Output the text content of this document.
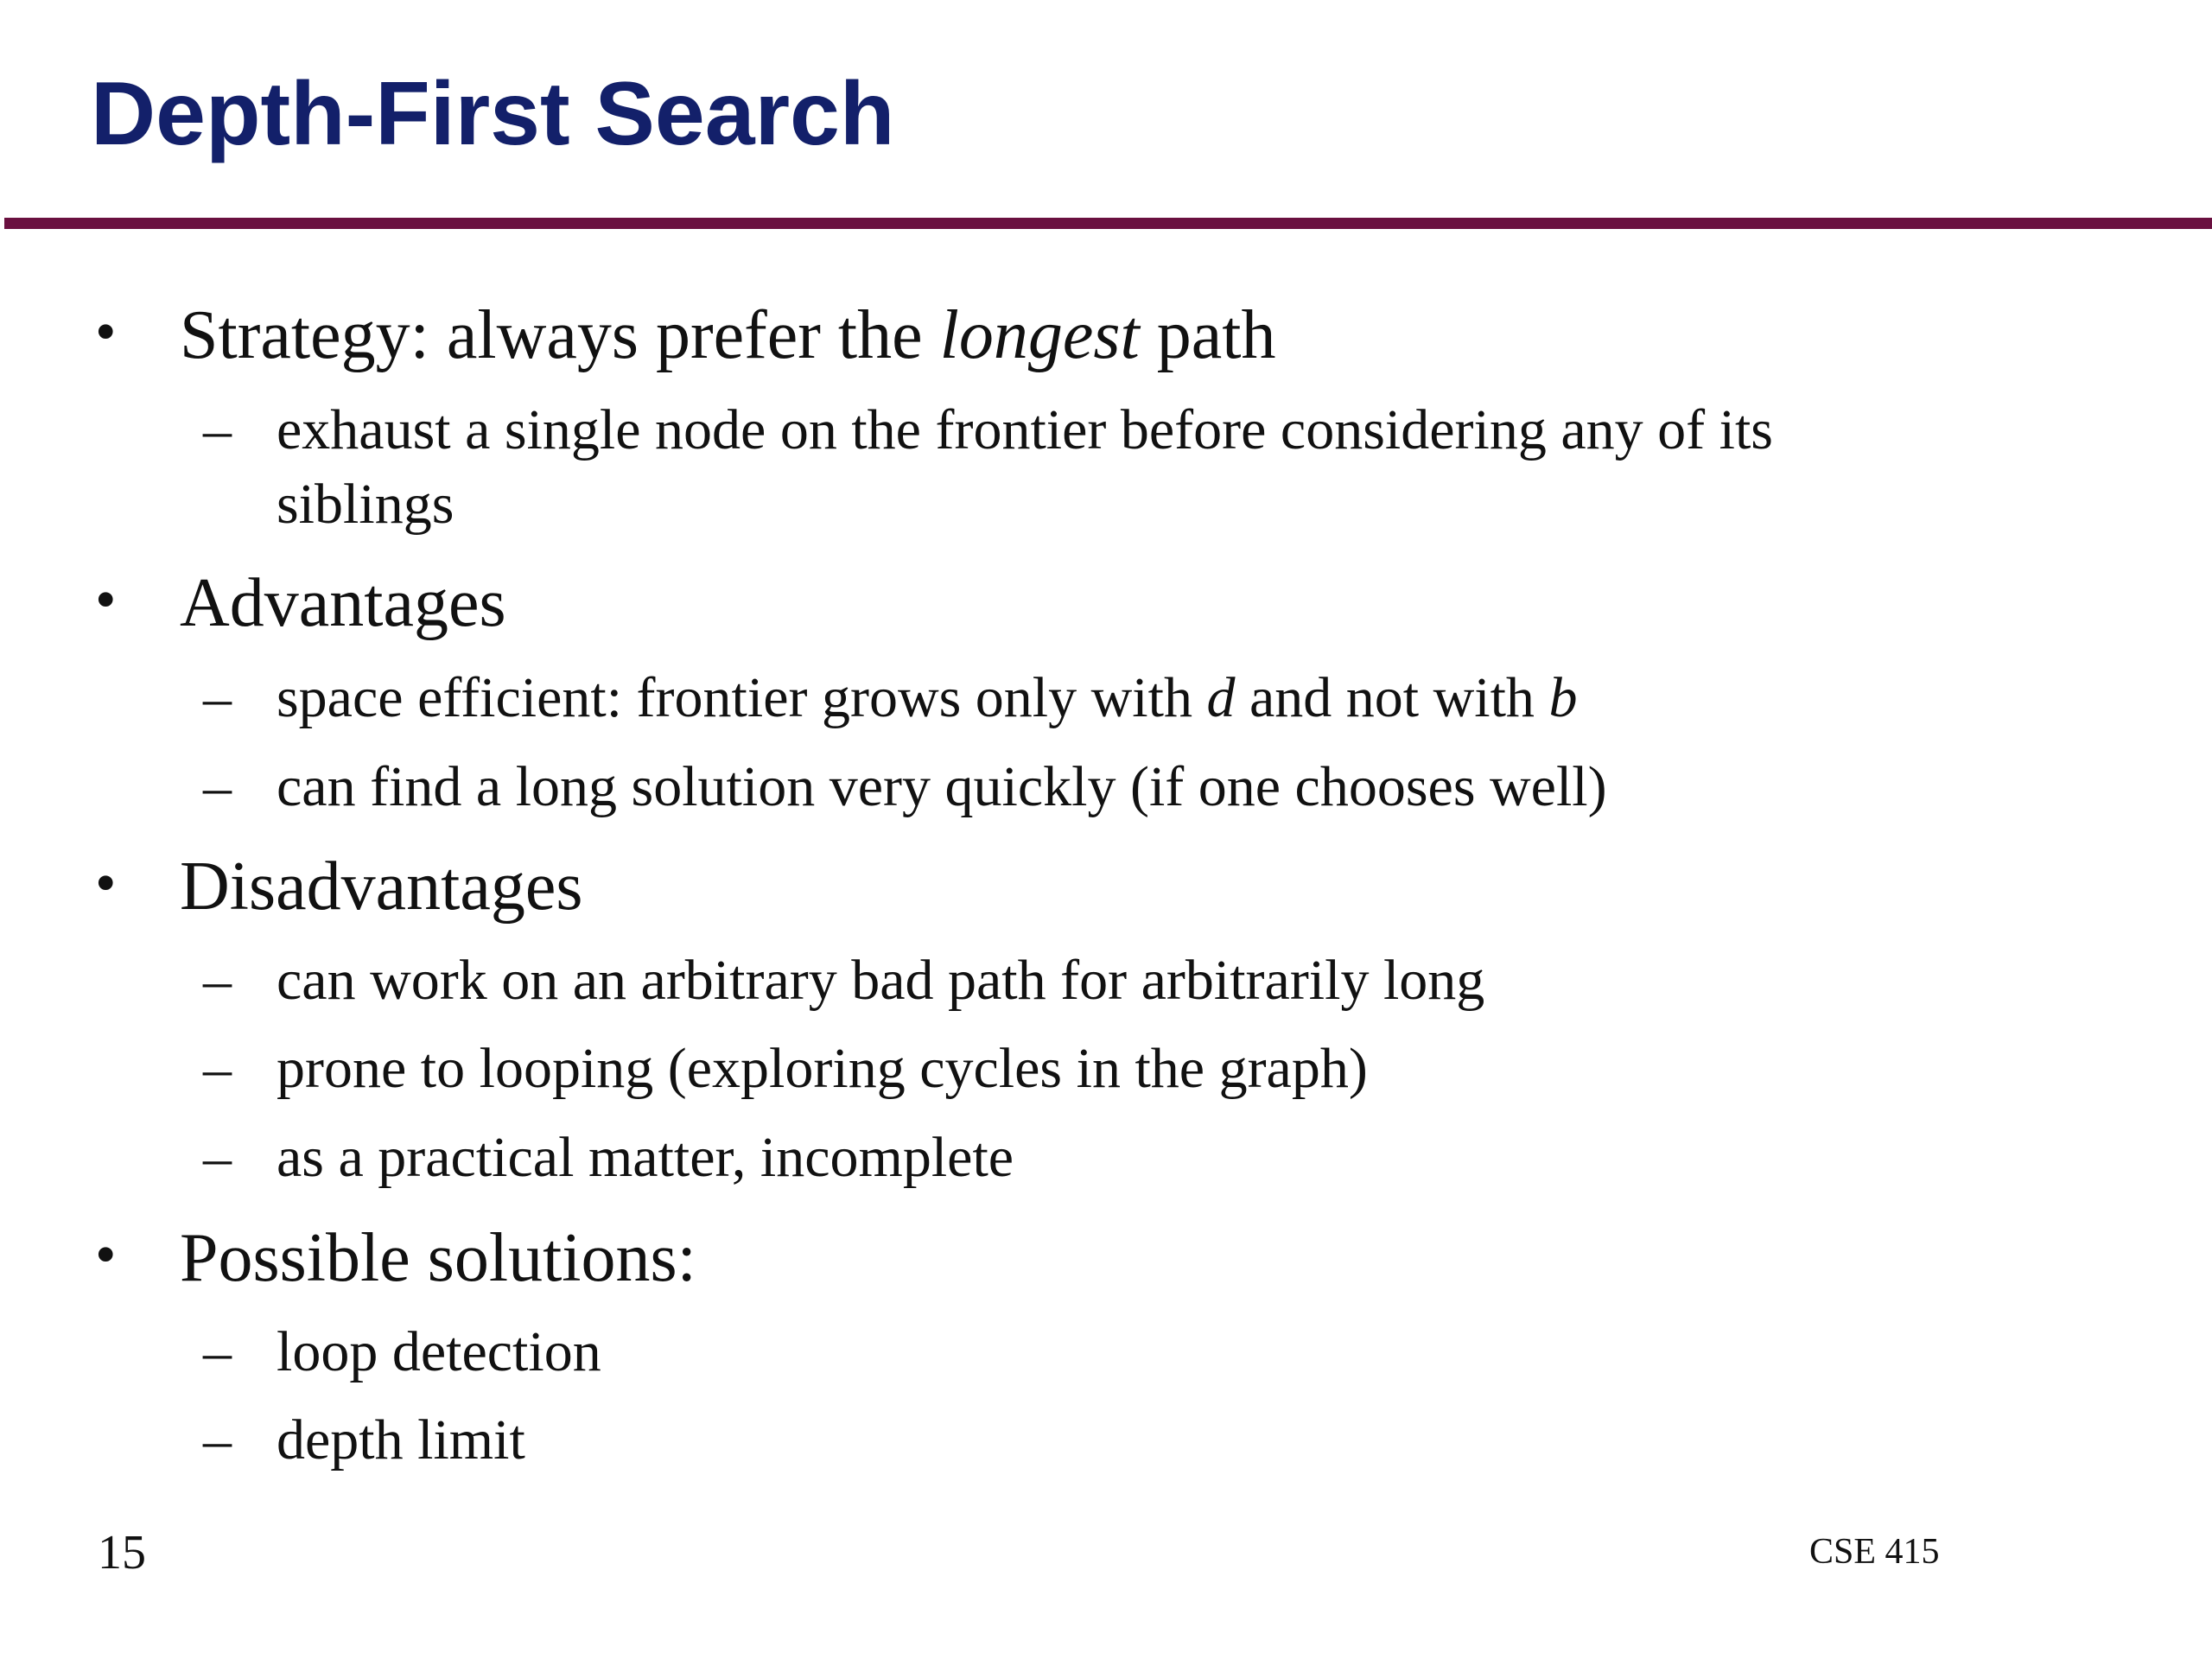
Depth-First Search
• Strategy: always prefer the longest path
– exhaust a single node on the frontier before considering any of its siblings
• Advantages
– space efficient: frontier grows only with d and not with b
– can find a long solution very quickly (if one chooses well)
• Disadvantages
– can work on an arbitrary bad path for arbitrarily long
– prone to looping (exploring cycles in the graph)
– as a practical matter, incomplete
• Possible solutions:
– loop detection
– depth limit
15	CSE 415
